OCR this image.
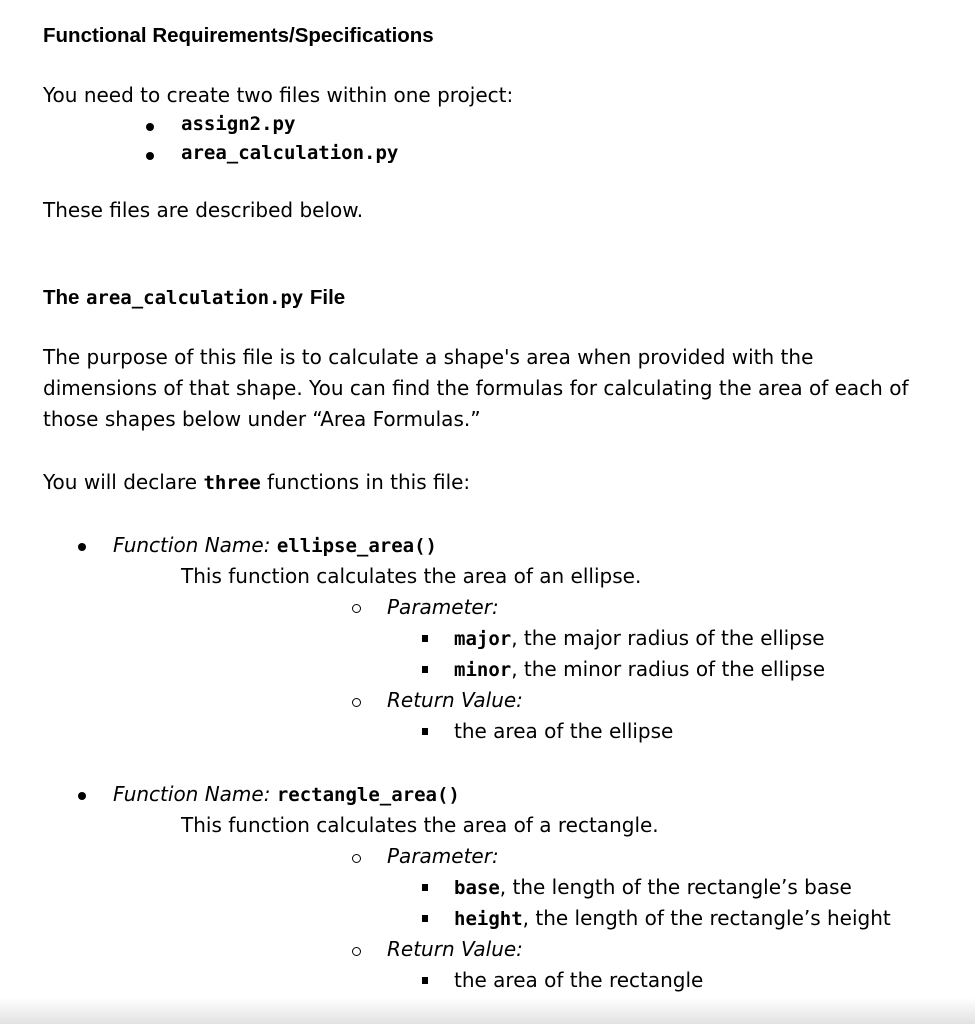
Functional Requirements/Specifications
You need to create two files within one project:
assign2.py
area_calculation.py
These files are described below.
The area_calculation.py File
The purpose of this file is to calculate a shape's area when provided with the
dimensions of that shape. You can find the formulas for calculating the area of each of
those shapes below under “Area Formulas.”
You will declare three functions in this file:
Function Name: ellipse_area()
This function calculates the area of an ellipse.
Parameter:
major, the major radius of the ellipse
minor, the minor radius of the ellipse
Return Value:
the area of the ellipse
Function Name: rectangle_area()
This function calculates the area of a rectangle.
Parameter:
base, the length of the rectangle’s base
height, the length of the rectangle’s height
Return Value:
the area of the rectangle
